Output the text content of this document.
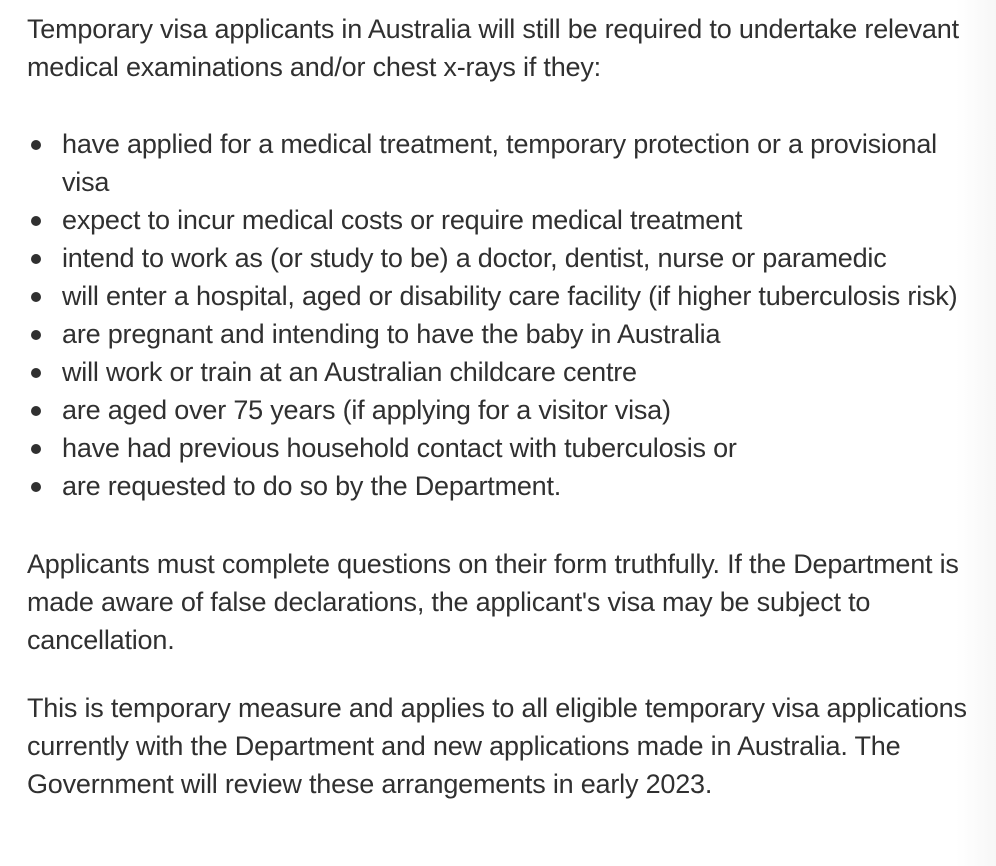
Temporary visa applicants in Australia will still be required to undertake relevant medical examinations and/or chest x-rays if they:

have applied for a medical treatment, temporary protection or a provisional visa
expect to incur medical costs or require medical treatment
intend to work as (or study to be) a doctor, dentist, nurse or paramedic
will enter a hospital, aged or disability care facility (if higher tuberculosis risk)
are pregnant and intending to have the baby in Australia
will work or train at an Australian childcare centre
are aged over 75 years (if applying for a visitor visa)
have had previous household contact with tuberculosis or
are requested to do so by the Department.

Applicants must complete questions on their form truthfully. If the Department is made aware of false declarations, the applicant's visa may be subject to cancellation.

This is temporary measure and applies to all eligible temporary visa applications currently with the Department and new applications made in Australia. The Government will review these arrangements in early 2023.
